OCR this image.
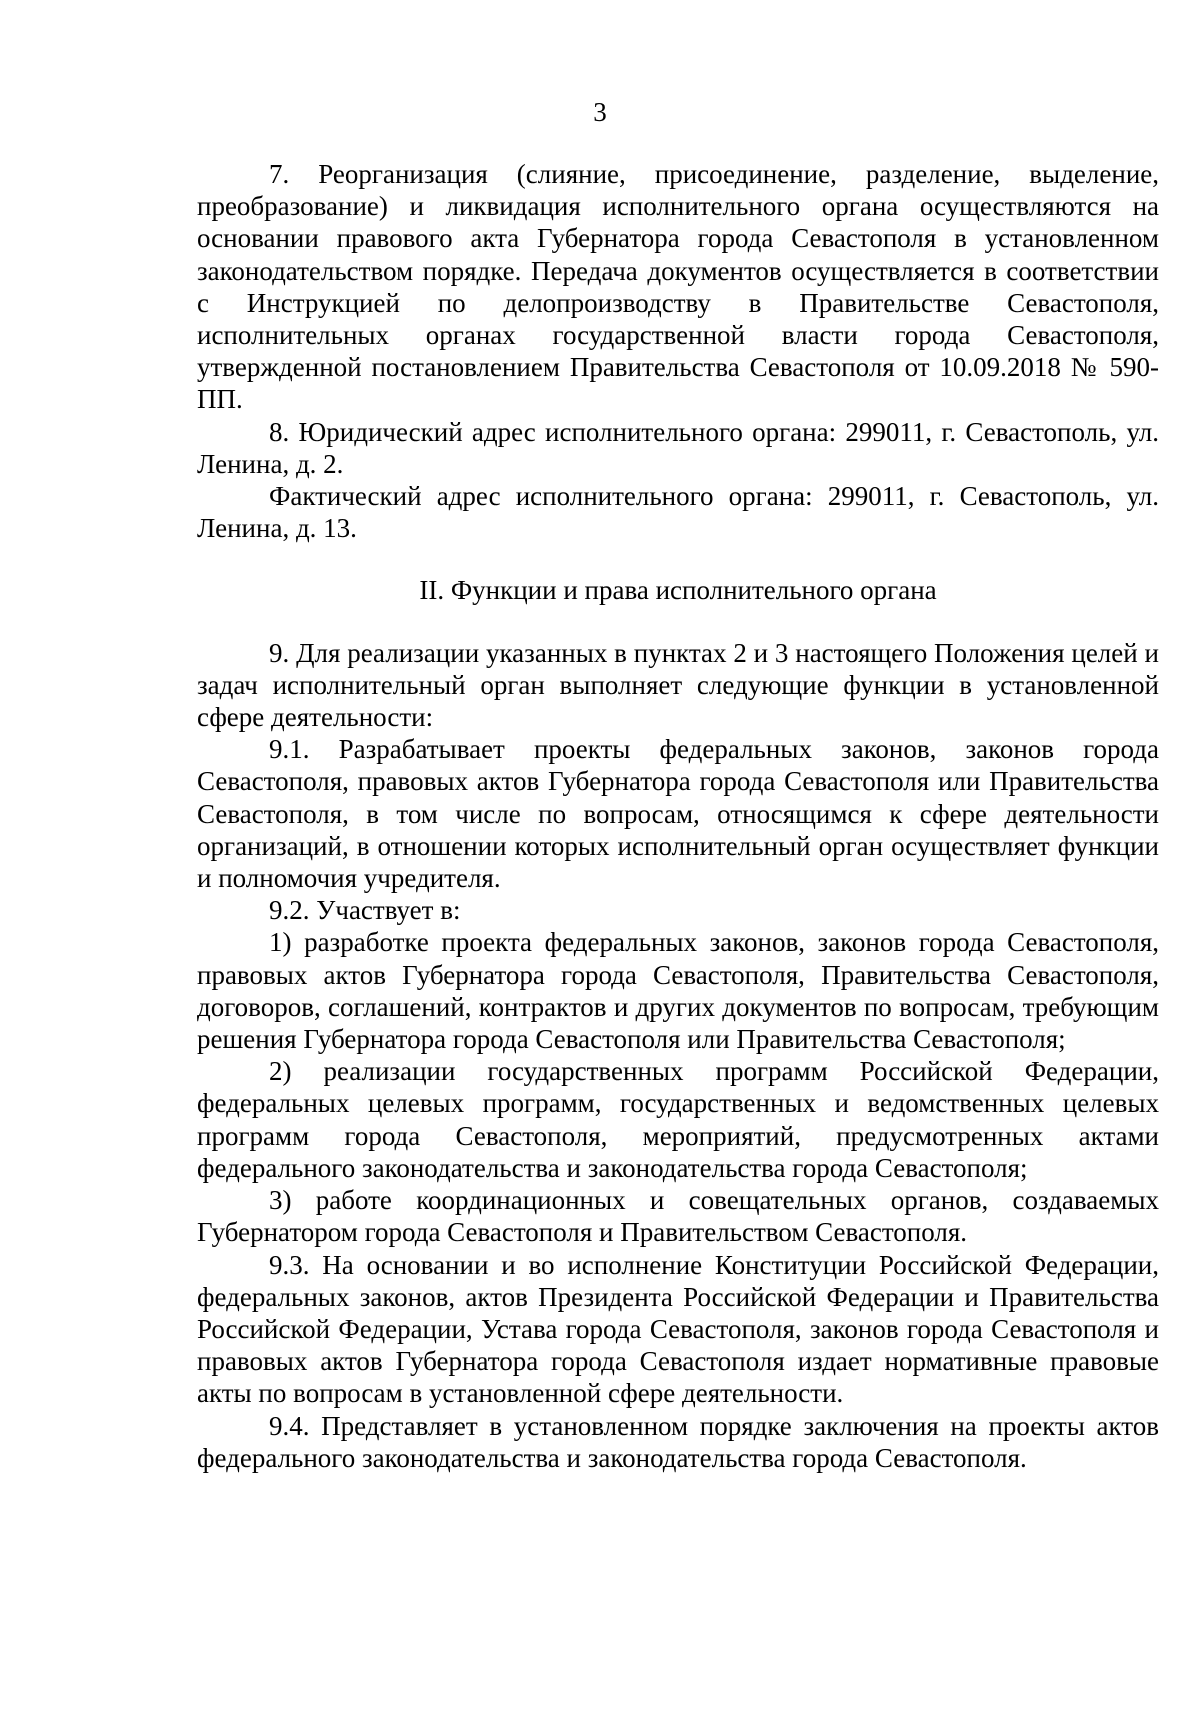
3

7. Реорганизация (слияние, присоединение, разделение, выделение, преобразование) и ликвидация исполнительного органа осуществляются на основании правового акта Губернатора города Севастополя в установленном законодательством порядке. Передача документов осуществляется в соответствии с Инструкцией по делопроизводству в Правительстве Севастополя, исполнительных органах государственной власти города Севастополя, утвержденной постановлением Правительства Севастополя от 10.09.2018 № 590-ПП.

8. Юридический адрес исполнительного органа: 299011, г. Севастополь, ул. Ленина, д. 2.

Фактический адрес исполнительного органа: 299011, г. Севастополь, ул. Ленина, д. 13.

II. Функции и права исполнительного органа

9. Для реализации указанных в пунктах 2 и 3 настоящего Положения целей и задач исполнительный орган выполняет следующие функции в установленной сфере деятельности:

9.1. Разрабатывает проекты федеральных законов, законов города Севастополя, правовых актов Губернатора города Севастополя или Правительства Севастополя, в том числе по вопросам, относящимся к сфере деятельности организаций, в отношении которых исполнительный орган осуществляет функции и полномочия учредителя.

9.2. Участвует в:

1) разработке проекта федеральных законов, законов города Севастополя, правовых актов Губернатора города Севастополя, Правительства Севастополя, договоров, соглашений, контрактов и других документов по вопросам, требующим решения Губернатора города Севастополя или Правительства Севастополя;

2) реализации государственных программ Российской Федерации, федеральных целевых программ, государственных и ведомственных целевых программ города Севастополя, мероприятий, предусмотренных актами федерального законодательства и законодательства города Севастополя;

3) работе координационных и совещательных органов, создаваемых Губернатором города Севастополя и Правительством Севастополя.

9.3. На основании и во исполнение Конституции Российской Федерации, федеральных законов, актов Президента Российской Федерации и Правительства Российской Федерации, Устава города Севастополя, законов города Севастополя и правовых актов Губернатора города Севастополя издает нормативные правовые акты по вопросам в установленной сфере деятельности.

9.4. Представляет в установленном порядке заключения на проекты актов федерального законодательства и законодательства города Севастополя.
